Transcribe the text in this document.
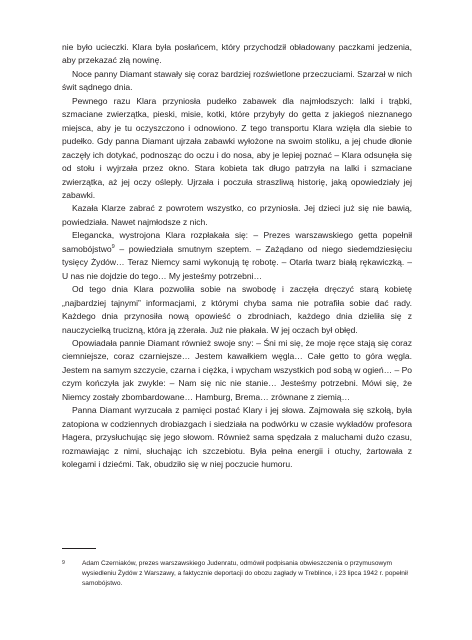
nie było ucieczki. Klara była posłańcem, który przychodził obładowany paczkami jedzenia, aby przekazać złą nowinę.

Noce panny Diamant stawały się coraz bardziej rozświetlone przeczuciami. Szarzał w nich świt sądnego dnia.

Pewnego razu Klara przyniosła pudełko zabawek dla najmłodszych: lalki i trąbki, szmaciane zwierzątka, pieski, misie, kotki, które przybyły do getta z jakiegoś nieznanego miejsca, aby je tu oczyszczono i odnowiono. Z tego transportu Klara wzięła dla siebie to pudełko. Gdy panna Diamant ujrzała zabawki wyłożone na swoim stoliku, a jej chude dłonie zaczęły ich dotykać, podnosząc do oczu i do nosa, aby je lepiej poznać – Klara odsunęła się od stołu i wyjrzała przez okno. Stara kobieta tak długo patrzyła na lalki i szmaciane zwierzątka, aż jej oczy oślepły. Ujrzała i poczuła straszliwą historię, jaką opowiedziały jej zabawki.

Kazała Klarze zabrać z powrotem wszystko, co przyniosła. Jej dzieci już się nie bawią, powiedziała. Nawet najmłodsze z nich.

Elegancka, wystrojona Klara rozpłakała się: – Prezes warszawskiego getta popełnił samobójstwo$^9$ – powiedziała smutnym szeptem. – Zażądano od niego siedemdziesięciu tysięcy Żydów… Teraz Niemcy sami wykonują tę robotę. – Otarła twarz białą rękawiczką. – U nas nie dojdzie do tego… My jesteśmy potrzebni…

Od tego dnia Klara pozwoliła sobie na swobodę i zaczęła dręczyć starą kobietę „najbardziej tajnymi” informacjami, z którymi chyba sama nie potrafiła sobie dać rady. Każdego dnia przynosiła nową opowieść o zbrodniach, każdego dnia dzieliła się z nauczycielką trucizną, która ją zżerała. Już nie płakała. W jej oczach był obłęd.

Opowiadała pannie Diamant również swoje sny: – Śni mi się, że moje ręce stają się coraz ciemniejsze, coraz czarniejsze… Jestem kawałkiem węgla… Całe getto to góra węgla. Jestem na samym szczycie, czarna i ciężka, i wpycham wszystkich pod sobą w ogień… – Po czym kończyła jak zwykle: – Nam się nic nie stanie… Jesteśmy potrzebni. Mówi się, że Niemcy zostały zbombardowane… Hamburg, Brema… zrównane z ziemią…

Panna Diamant wyrzucała z pamięci postać Klary i jej słowa. Zajmowała się szkołą, była zatopiona w codziennych drobiazgach i siedziała na podwórku w czasie wykładów profesora Hagera, przysłuchując się jego słowom. Również sama spędzała z maluchami dużo czasu, rozmawiając z nimi, słuchając ich szczebiotu. Była pełna energii i otuchy, żartowała z kolegami i dziećmi. Tak, obudziło się w niej poczucie humoru.

9	Adam Czerniaków, prezes warszawskiego Judenratu, odmówił podpisania obwieszczenia o przymusowym wysiedleniu Żydów z Warszawy, a faktycznie deportacji do obozu zagłady w Treblince, i 23 lipca 1942 r. popełnił samobójstwo.
